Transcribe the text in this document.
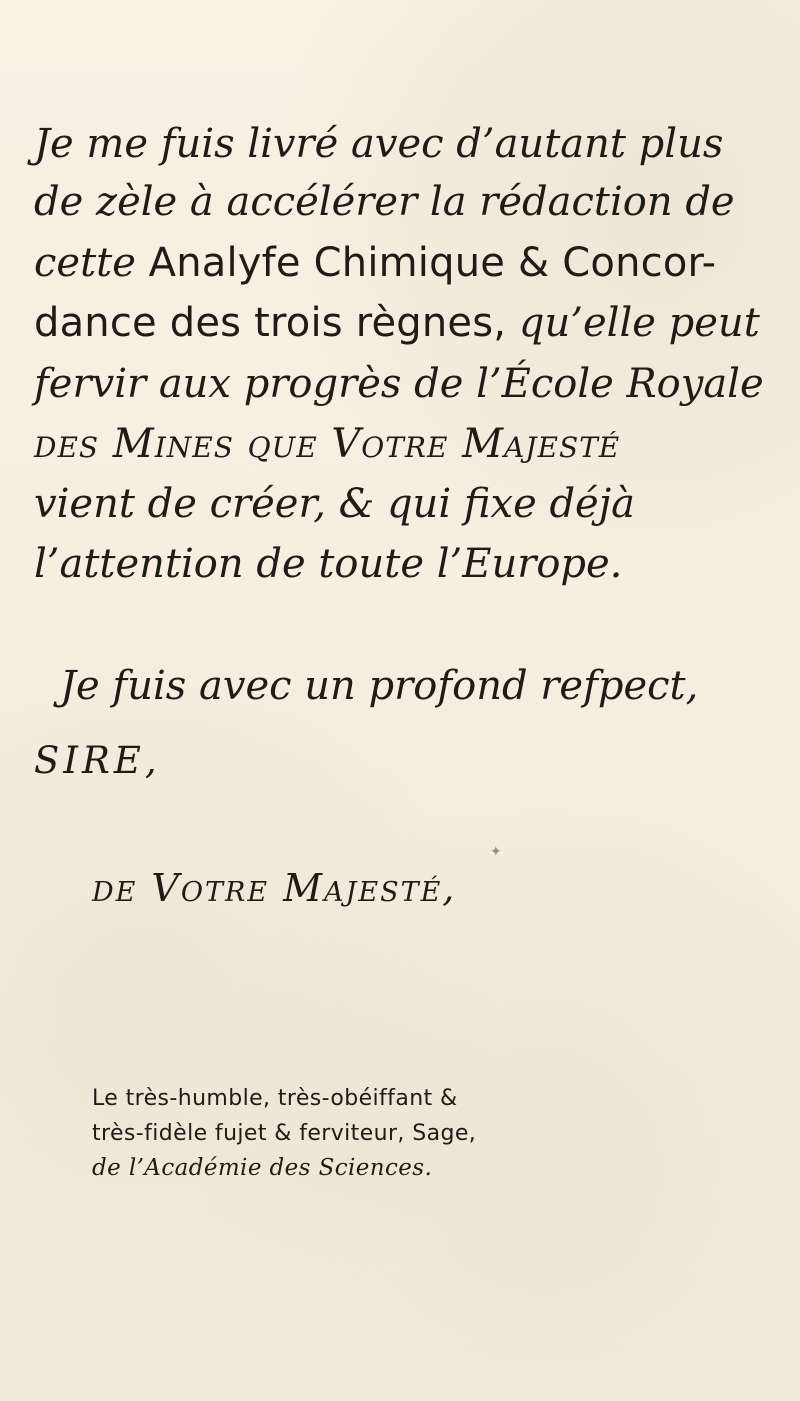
Je me fuis livré avec d’autant plus
de zèle à accélérer la rédaction de
cette Analyfe Chimique & Concor-
dance des trois règnes, qu’elle peut
fervir aux progrès de l’École Royale
des Mines que Votre Majesté
vient de créer, & qui fixe déjà
l’attention de toute l’Europe.
Je fuis avec un profond refpect,
SIRE,
✦
de Votre Majesté,
Le très-humble, très-obéiffant &
très-fidèle fujet & ferviteur, Sage,
de l’Académie des Sciences.
